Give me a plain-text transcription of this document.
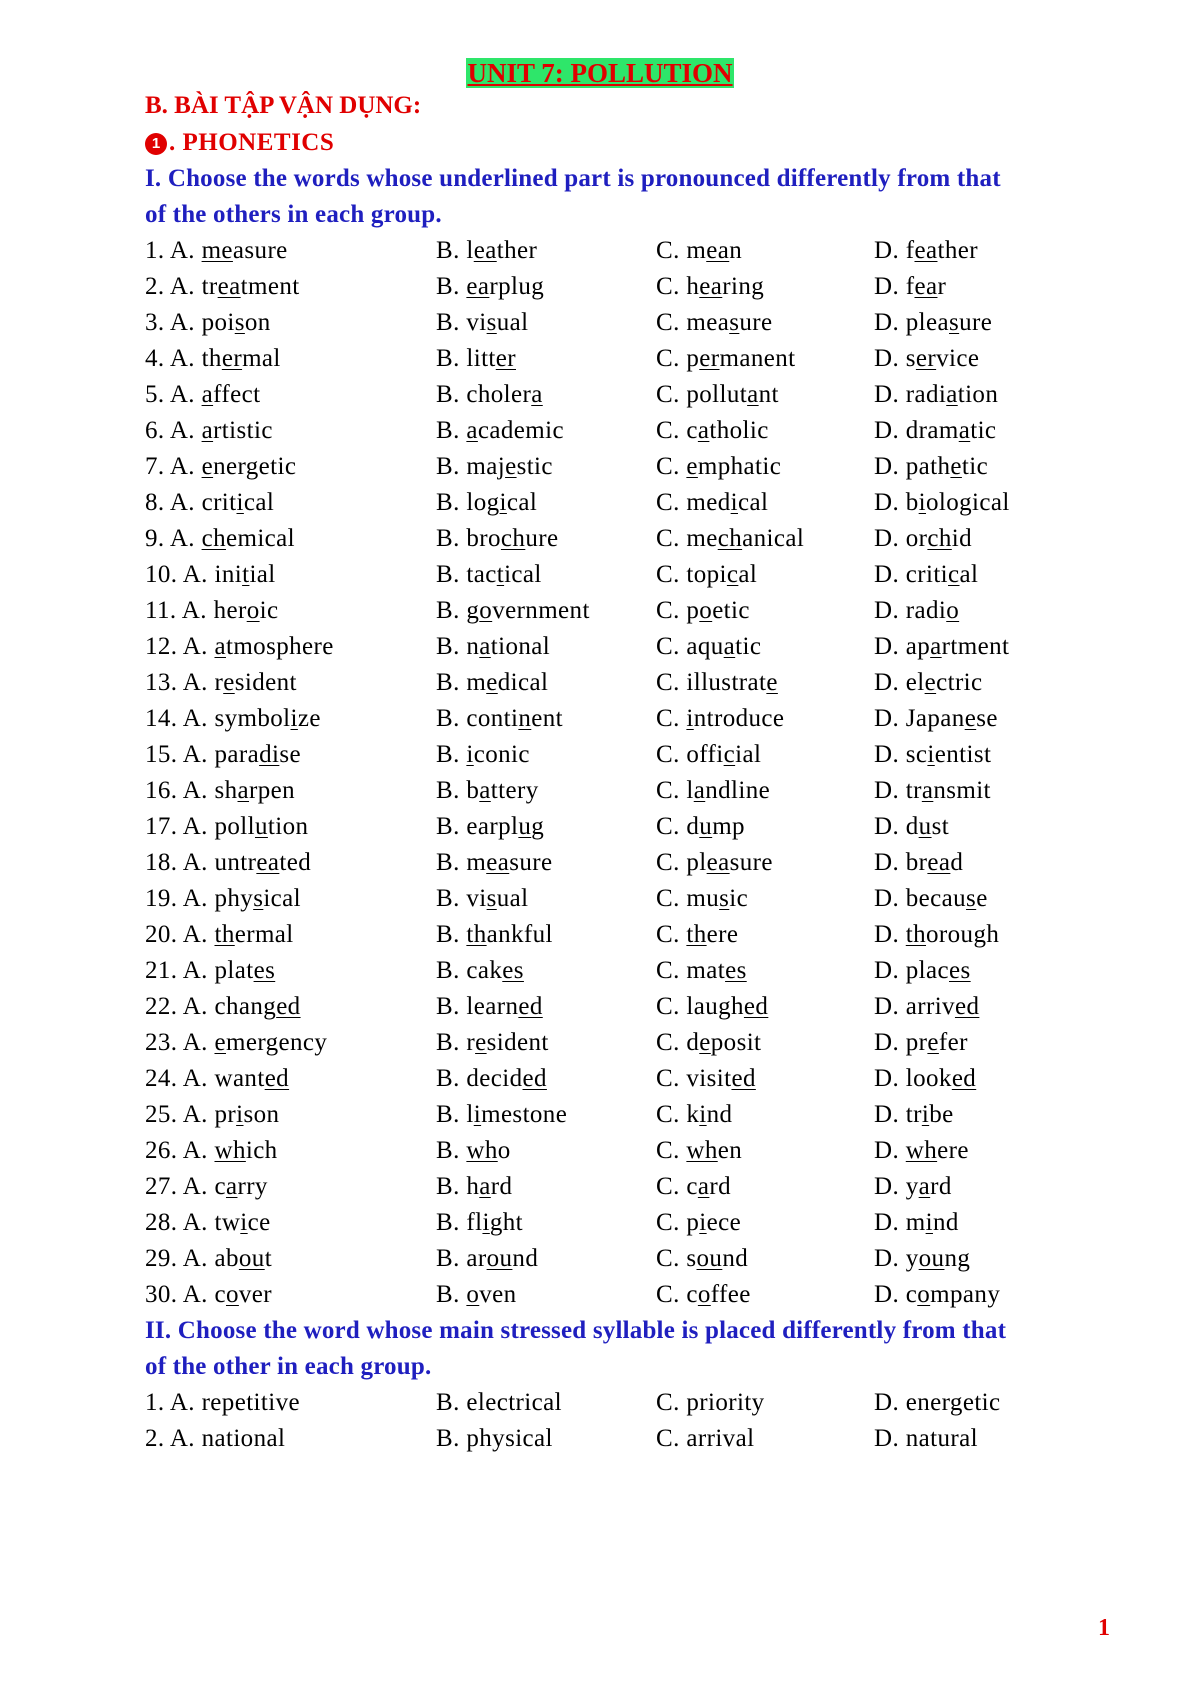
UNIT 7: POLLUTION
B. BÀI TẬP VẬN DỤNG:
1 . PHONETICS
I. Choose the words whose underlined part is pronounced differently from that
of the others in each group.
1. A. measure	B. leather	C. mean	D. feather
2. A. treatment	B. earplug	C. hearing	D. fear
3. A. poison	B. visual	C. measure	D. pleasure
4. A. thermal	B. litter	C. permanent	D. service
5. A. affect	B. cholera	C. pollutant	D. radiation
6. A. artistic	B. academic	C. catholic	D. dramatic
7. A. energetic	B. majestic	C. emphatic	D. pathetic
8. A. critical	B. logical	C. medical	D. biological
9. A. chemical	B. brochure	C. mechanical	D. orchid
10. A. initial	B. tactical	C. topical	D. critical
11. A. heroic	B. government	C. poetic	D. radio
12. A. atmosphere	B. national	C. aquatic	D. apartment
13. A. resident	B. medical	C. illustrate	D. electric
14. A. symbolize	B. continent	C. introduce	D. Japanese
15. A. paradise	B. iconic	C. official	D. scientist
16. A. sharpen	B. battery	C. landline	D. transmit
17. A. pollution	B. earplug	C. dump	D. dust
18. A. untreated	B. measure	C. pleasure	D. bread
19. A. physical	B. visual	C. music	D. because
20. A. thermal	B. thankful	C. there	D. thorough
21. A. plates	B. cakes	C. mates	D. places
22. A. changed	B. learned	C. laughed	D. arrived
23. A. emergency	B. resident	C. deposit	D. prefer
24. A. wanted	B. decided	C. visited	D. looked
25. A. prison	B. limestone	C. kind	D. tribe
26. A. which	B. who	C. when	D. where
27. A. carry	B. hard	C. card	D. yard
28. A. twice	B. flight	C. piece	D. mind
29. A. about	B. around	C. sound	D. young
30. A. cover	B. oven	C. coffee	D. company
II. Choose the word whose main stressed syllable is placed differently from that
of the other in each group.
1. A. repetitive	B. electrical	C. priority	D. energetic
2. A. national	B. physical	C. arrival	D. natural
1
